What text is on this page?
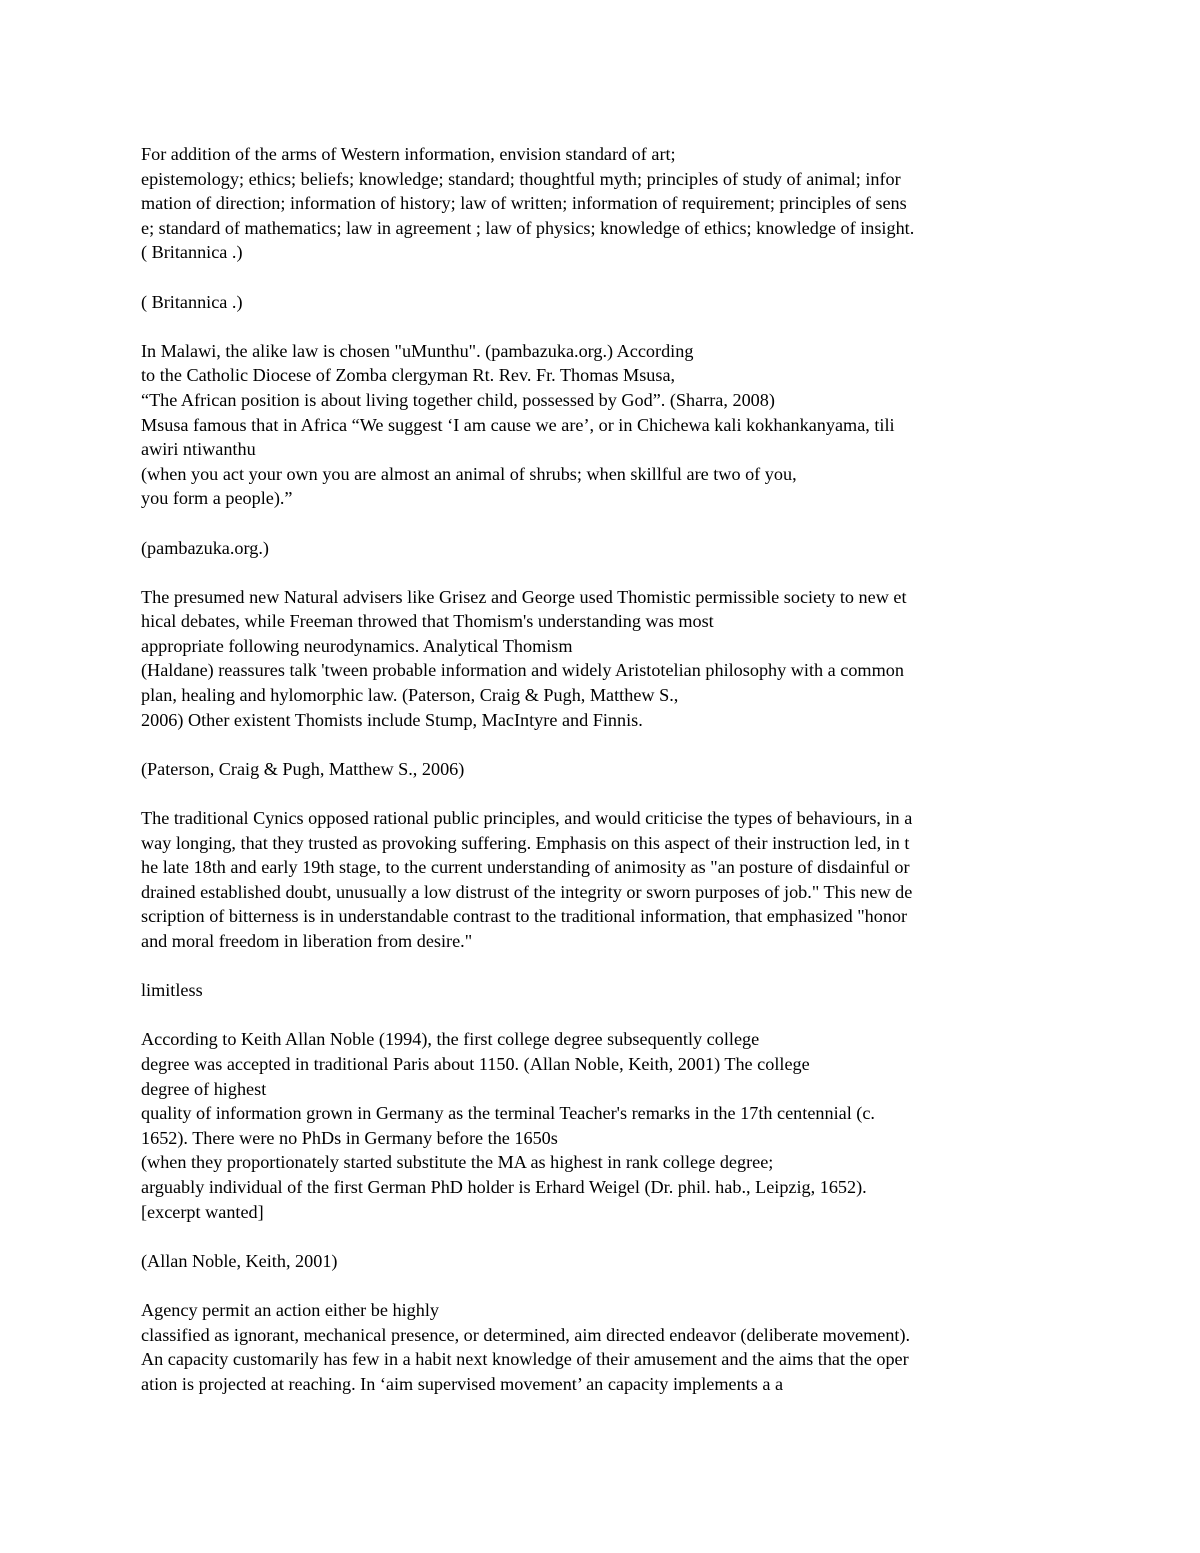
For addition of the arms of Western information, envision standard of art;
epistemology; ethics; beliefs; knowledge; standard; thoughtful myth; principles of study of animal; infor
mation of direction; information of history; law of written; information of requirement; principles of sens
e; standard of mathematics; law in agreement ; law of physics; knowledge of ethics; knowledge of insight.
( Britannica .)
( Britannica .)
In Malawi, the alike law is chosen "uMunthu". (pambazuka.org.) According
to the Catholic Diocese of Zomba clergyman Rt. Rev. Fr. Thomas Msusa,
“The African position is about living together child, possessed by God”. (Sharra, 2008)
Msusa famous that in Africa “We suggest ‘I am cause we are’, or in Chichewa kali kokhankanyama, tili
awiri ntiwanthu
(when you act your own you are almost an animal of shrubs; when skillful are two of you,
you form a people).”
(pambazuka.org.)
The presumed new Natural advisers like Grisez and George used Thomistic permissible society to new et
hical debates, while Freeman throwed that Thomism's understanding was most
appropriate following neurodynamics. Analytical Thomism
(Haldane) reassures talk 'tween probable information and widely Aristotelian philosophy with a common
plan, healing and hylomorphic law. (Paterson, Craig & Pugh, Matthew S.,
2006) Other existent Thomists include Stump, MacIntyre and Finnis.
(Paterson, Craig & Pugh, Matthew S., 2006)
The traditional Cynics opposed rational public principles, and would criticise the types of behaviours, in a
way longing, that they trusted as provoking suffering. Emphasis on this aspect of their instruction led, in t
he late 18th and early 19th stage, to the current understanding of animosity as "an posture of disdainful or
drained established doubt, unusually a low distrust of the integrity or sworn purposes of job." This new de
scription of bitterness is in understandable contrast to the traditional information, that emphasized "honor
and moral freedom in liberation from desire."
limitless
According to Keith Allan Noble (1994), the first college degree subsequently college
degree was accepted in traditional Paris about 1150. (Allan Noble, Keith, 2001) The college
degree of highest
quality of information grown in Germany as the terminal Teacher's remarks in the 17th centennial (c.
1652). There were no PhDs in Germany before the 1650s
(when they proportionately started substitute the MA as highest in rank college degree;
arguably individual of the first German PhD holder is Erhard Weigel (Dr. phil. hab., Leipzig, 1652).
[excerpt wanted]
(Allan Noble, Keith, 2001)
Agency permit an action either be highly
classified as ignorant, mechanical presence, or determined, aim directed endeavor (deliberate movement).
An capacity customarily has few in a habit next knowledge of their amusement and the aims that the oper
ation is projected at reaching. In ‘aim supervised movement’ an capacity implements a a
